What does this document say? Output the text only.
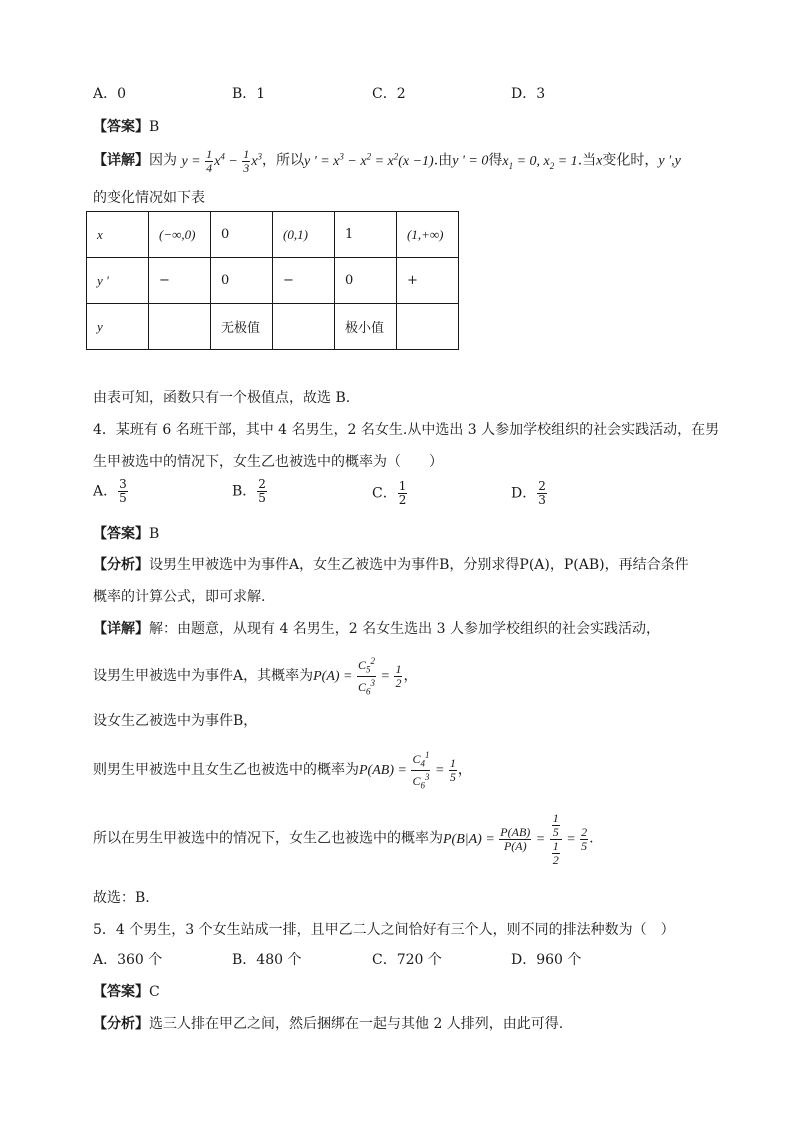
A．0	B．1	C．2	D．3
【答案】B
【详解】因为 $y = \frac{1}{4} x^4 - \frac{1}{3} x^3$，所以y ' = $x^3 - x^2 = x^2(x -1)$.由y ' = 0得$x_1 = 0$, $x_2 = 1$.当x变化时，y ',y
的变化情况如下表
x	(−∞,0)	0	(0,1)	1	(1,+∞)
y '	−	0	−	0	+
y		无极值		极小值	
由表可知，函数只有一个极值点，故选 B.
4．某班有 6 名班干部，其中 4 名男生，2 名女生.从中选出 3 人参加学校组织的社会实践活动，在男
生甲被选中的情况下，女生乙也被选中的概率为（　　）
A． $\frac{3}{5}$	B． $\frac{2}{5}$	C． $\frac{1}{2}$	D． $\frac{2}{3}$
【答案】B
【分析】设男生甲被选中为事件A，女生乙被选中为事件B，分别求得P(A)，P(AB)，再结合条件
概率的计算公式，即可求解.
【详解】解：由题意，从现有 4 名男生，2 名女生选出 3 人参加学校组织的社会实践活动，
设男生甲被选中为事件A，其概率为$P(A) = \frac{C_5^2}{C_6^3} = \frac{1}{2}$ ，
设女生乙被选中为事件B，
则男生甲被选中且女生乙也被选中的概率为$P(AB) = \frac{C_4^1}{C_6^3} = \frac{1}{5}$ ，
所以在男生甲被选中的情况下，女生乙也被选中的概率为$P(B|A) = \frac{P(AB)}{P(A)} = \frac{\frac{1}{5}}{\frac{1}{2}} = \frac{2}{5}$ .
故选：B.
5．4 个男生，3 个女生站成一排，且甲乙二人之间恰好有三个人，则不同的排法种数为（　）
A．360 个	B．480 个	C．720 个	D．960 个
【答案】C
【分析】选三人排在甲乙之间，然后捆绑在一起与其他 2 人排列，由此可得.
